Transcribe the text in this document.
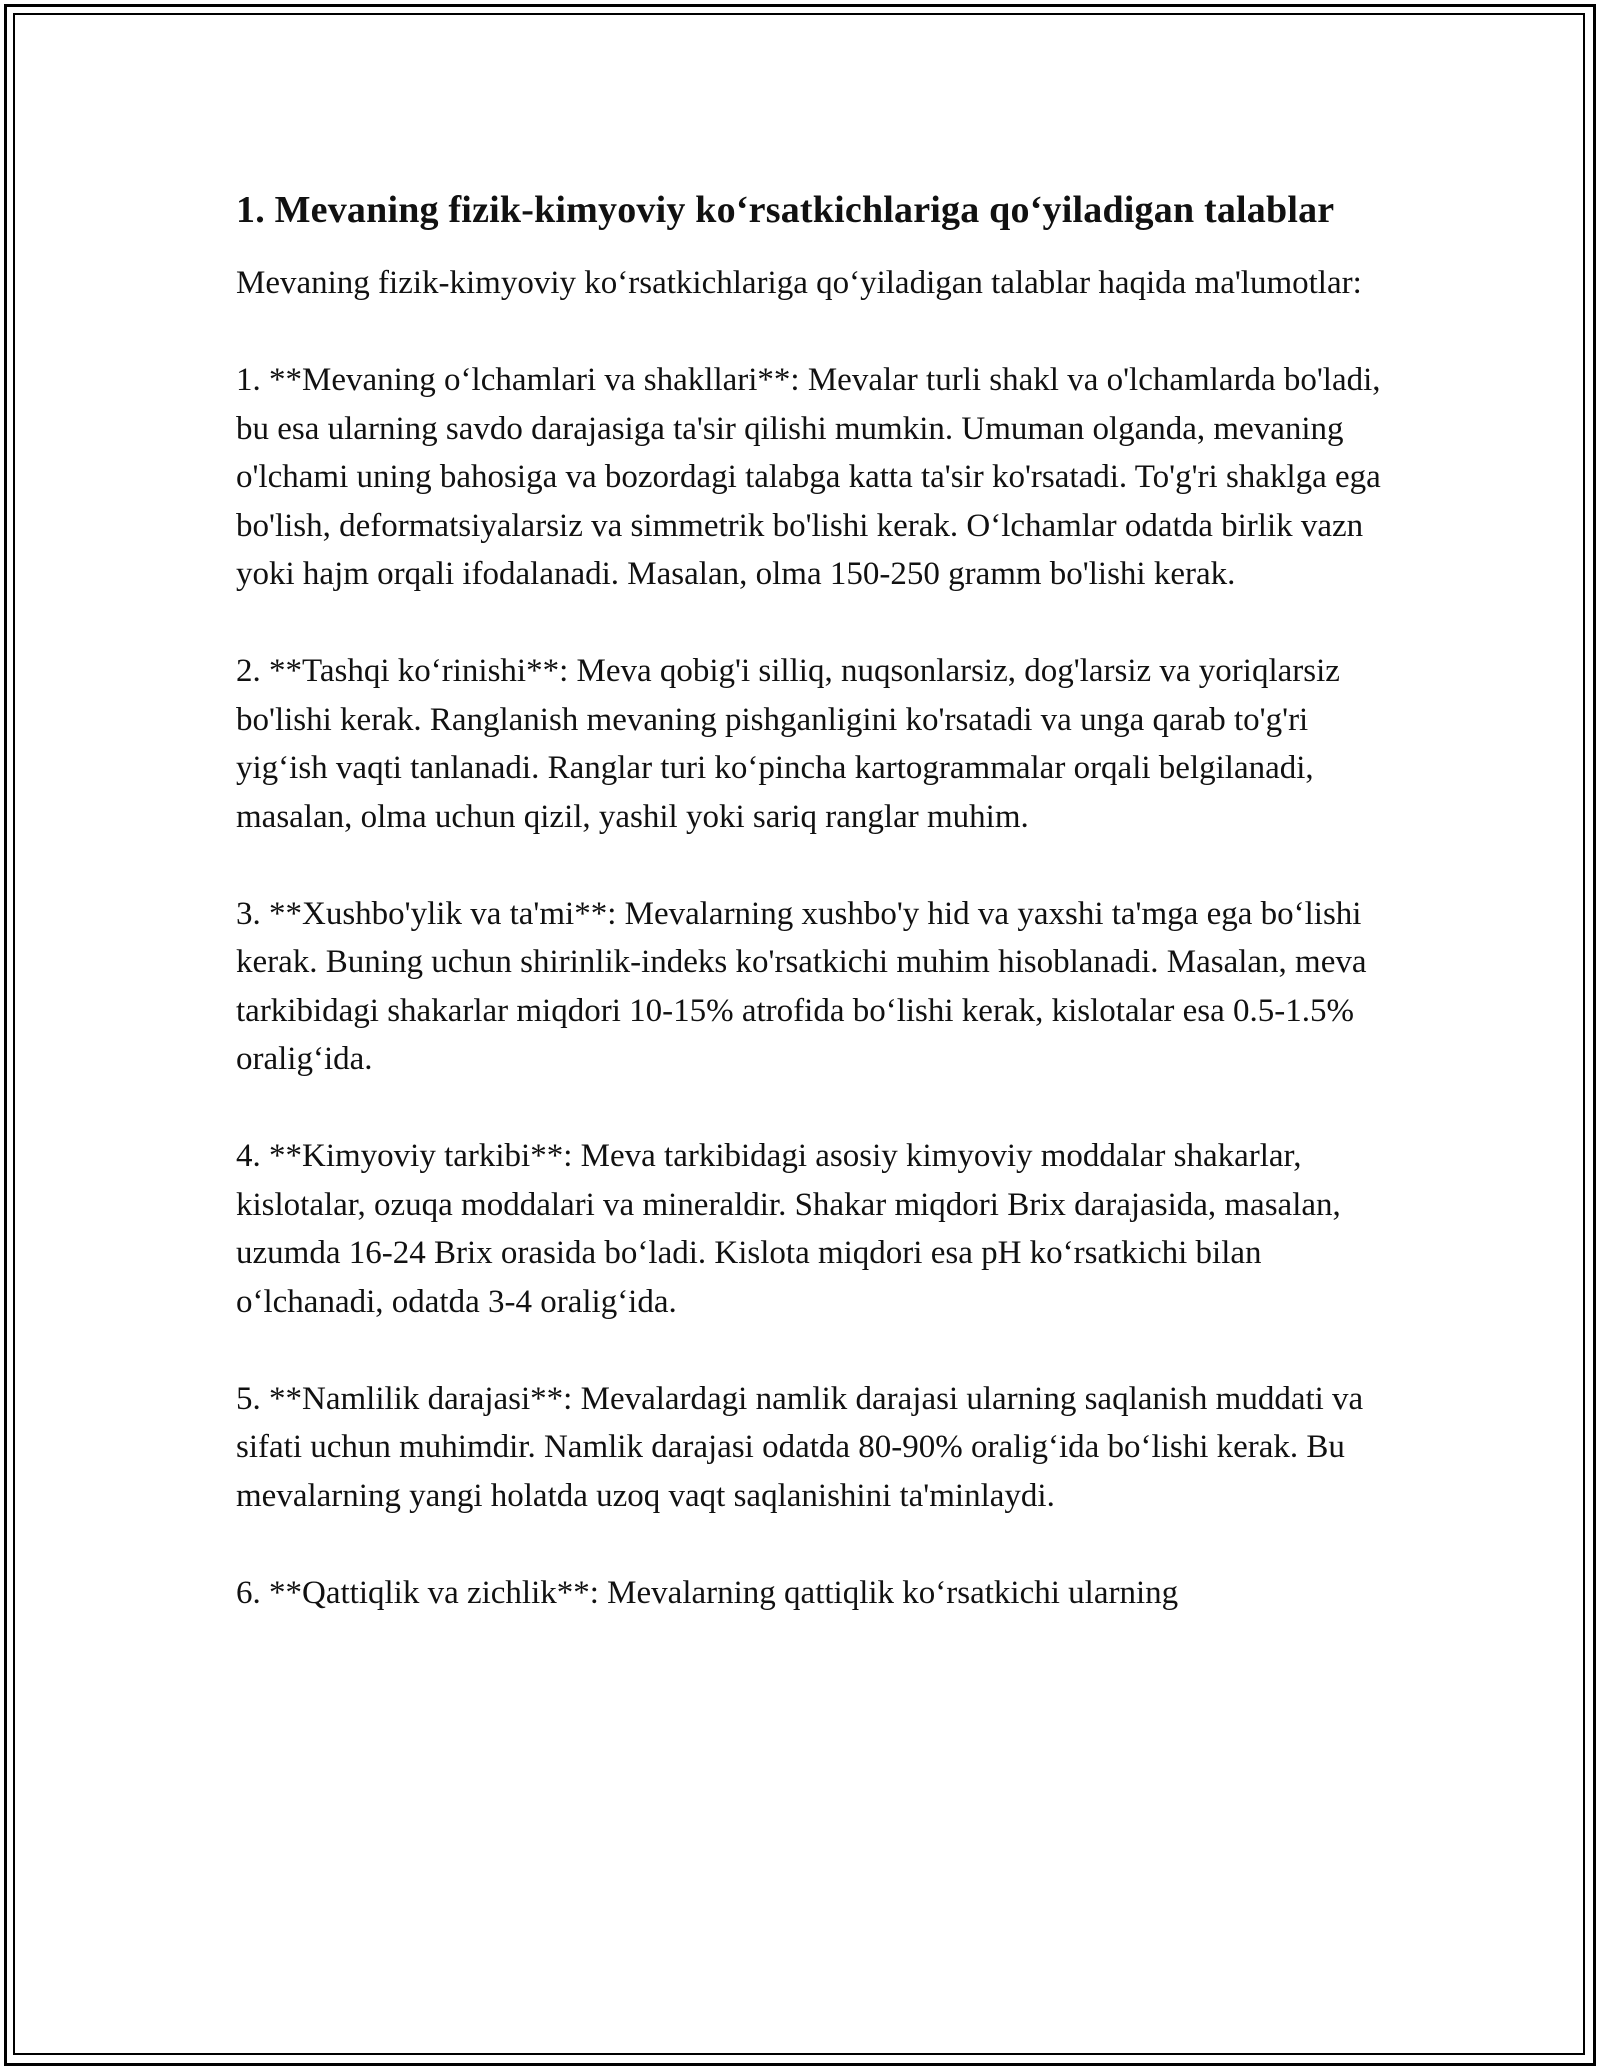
1. Mevaning fizik-kimyoviy ko‘rsatkichlariga qo‘yiladigan talablar

Mevaning fizik-kimyoviy ko‘rsatkichlariga qo‘yiladigan talablar haqida ma'lumotlar:

1. **Mevaning o‘lchamlari va shakllari**: Mevalar turli shakl va o'lchamlarda bo'ladi, bu esa ularning savdo darajasiga ta'sir qilishi mumkin. Umuman olganda, mevaning o'lchami uning bahosiga va bozordagi talabga katta ta'sir ko'rsatadi. To'g'ri shaklga ega bo'lish, deformatsiyalarsiz va simmetrik bo'lishi kerak. O‘lchamlar odatda birlik vazn yoki hajm orqali ifodalanadi. Masalan, olma 150-250 gramm bo'lishi kerak.

2. **Tashqi ko‘rinishi**: Meva qobig'i silliq, nuqsonlarsiz, dog'larsiz va yoriqlarsiz bo'lishi kerak. Ranglanish mevaning pishganligini ko'rsatadi va unga qarab to'g'ri yig‘ish vaqti tanlanadi. Ranglar turi ko‘pincha kartogrammalar orqali belgilanadi, masalan, olma uchun qizil, yashil yoki sariq ranglar muhim.

3. **Xushbo'ylik va ta'mi**: Mevalarning xushbo'y hid va yaxshi ta'mga ega bo‘lishi kerak. Buning uchun shirinlik-indeks ko'rsatkichi muhim hisoblanadi. Masalan, meva tarkibidagi shakarlar miqdori 10-15% atrofida bo‘lishi kerak, kislotalar esa 0.5-1.5% oralig‘ida.

4. **Kimyoviy tarkibi**: Meva tarkibidagi asosiy kimyoviy moddalar shakarlar, kislotalar, ozuqa moddalari va mineraldir. Shakar miqdori Brix darajasida, masalan, uzumda 16-24 Brix orasida bo‘ladi. Kislota miqdori esa pH ko‘rsatkichi bilan o‘lchanadi, odatda 3-4 oralig‘ida.

5. **Namlilik darajasi**: Mevalardagi namlik darajasi ularning saqlanish muddati va sifati uchun muhimdir. Namlik darajasi odatda 80-90% oralig‘ida bo‘lishi kerak. Bu mevalarning yangi holatda uzoq vaqt saqlanishini ta'minlaydi.

6. **Qattiqlik va zichlik**: Mevalarning qattiqlik ko‘rsatkichi ularning
